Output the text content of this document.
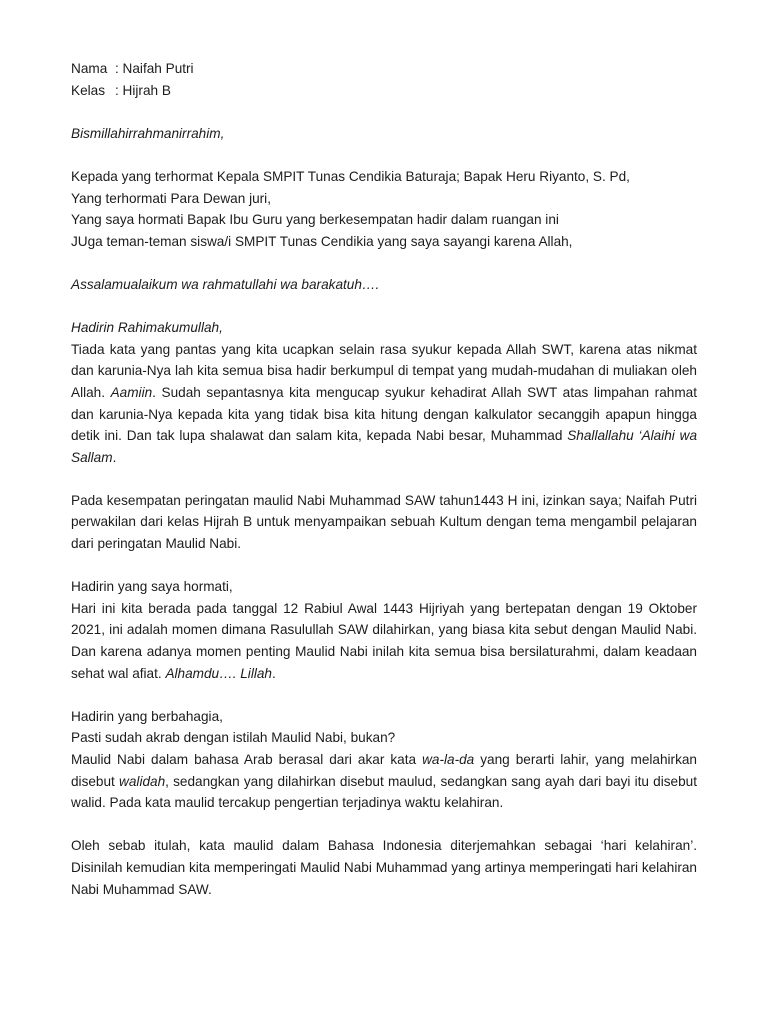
Nama : Naifah Putri

Kelas : Hijrah B

Bismillahirrahmanirrahim,

Kepada yang terhormat Kepala SMPIT Tunas Cendikia Baturaja; Bapak Heru Riyanto, S. Pd,

Yang terhormati Para Dewan juri,

Yang saya hormati Bapak Ibu Guru yang berkesempatan hadir dalam ruangan ini

JUga teman-teman siswa/i SMPIT Tunas Cendikia yang saya sayangi karena Allah,

Assalamualaikum wa rahmatullahi wa barakatuh….

Hadirin Rahimakumullah,

Tiada kata yang pantas yang kita ucapkan selain rasa syukur kepada Allah SWT, karena atas nikmat dan karunia-Nya lah kita semua bisa hadir berkumpul di tempat yang mudah-mudahan di muliakan oleh Allah. Aamiin. Sudah sepantasnya kita mengucap syukur kehadirat Allah SWT atas limpahan rahmat dan karunia-Nya kepada kita yang tidak bisa kita hitung dengan kalkulator secanggih apapun hingga detik ini. Dan tak lupa shalawat dan salam kita, kepada Nabi besar, Muhammad Shallallahu ‘Alaihi wa Sallam.

Pada kesempatan peringatan maulid Nabi Muhammad SAW tahun1443 H ini, izinkan saya; Naifah Putri perwakilan dari kelas Hijrah B untuk menyampaikan sebuah Kultum dengan tema mengambil pelajaran dari peringatan Maulid Nabi.

Hadirin yang saya hormati,

Hari ini kita berada pada tanggal 12 Rabiul Awal 1443 Hijriyah yang bertepatan dengan 19 Oktober 2021, ini adalah momen dimana Rasulullah SAW dilahirkan, yang biasa kita sebut dengan Maulid Nabi. Dan karena adanya momen penting Maulid Nabi inilah kita semua bisa bersilaturahmi, dalam keadaan sehat wal afiat. Alhamdu…. Lillah.

Hadirin yang berbahagia,

Pasti sudah akrab dengan istilah Maulid Nabi, bukan?

Maulid Nabi dalam bahasa Arab berasal dari akar kata wa-la-da yang berarti lahir, yang melahirkan disebut walidah, sedangkan yang dilahirkan disebut maulud, sedangkan sang ayah dari bayi itu disebut walid. Pada kata maulid tercakup pengertian terjadinya waktu kelahiran.

Oleh sebab itulah, kata maulid dalam Bahasa Indonesia diterjemahkan sebagai ‘hari kelahiran’. Disinilah kemudian kita memperingati Maulid Nabi Muhammad yang artinya memperingati hari kelahiran Nabi Muhammad SAW.
